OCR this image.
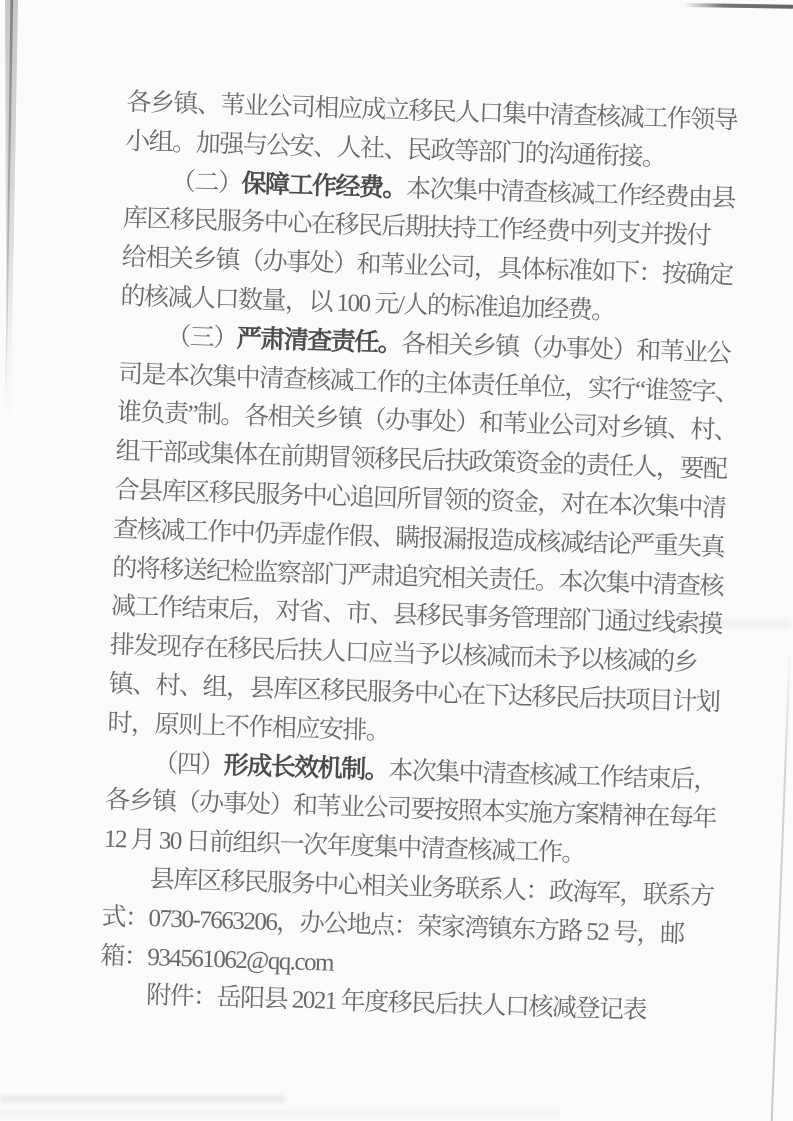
各乡镇、苇业公司相应成立移民人口集中清查核减工作领导
小组。加强与公安、人社、民政等部门的沟通衔接。
（二）保障工作经费。本次集中清查核减工作经费由县
库区移民服务中心在移民后期扶持工作经费中列支并拨付
给相关乡镇（办事处）和苇业公司，具体标准如下：按确定
的核减人口数量，以 100 元/人的标准追加经费。
（三）严肃清查责任。各相关乡镇（办事处）和苇业公
司是本次集中清查核减工作的主体责任单位，实行“谁签字、
谁负责”制。各相关乡镇（办事处）和苇业公司对乡镇、村、
组干部或集体在前期冒领移民后扶政策资金的责任人，要配
合县库区移民服务中心追回所冒领的资金，对在本次集中清
查核减工作中仍弄虚作假、瞒报漏报造成核减结论严重失真
的将移送纪检监察部门严肃追究相关责任。本次集中清查核
减工作结束后，对省、市、县移民事务管理部门通过线索摸
排发现存在移民后扶人口应当予以核减而未予以核减的乡
镇、村、组，县库区移民服务中心在下达移民后扶项目计划
时，原则上不作相应安排。
（四）形成长效机制。本次集中清查核减工作结束后，
各乡镇（办事处）和苇业公司要按照本实施方案精神在每年
12 月 30 日前组织一次年度集中清查核减工作。
县库区移民服务中心相关业务联系人：政海军，联系方
式：0730-7663206，办公地点：荣家湾镇东方路 52 号，邮
箱：934561062@qq.com
附件：岳阳县 2021 年度移民后扶人口核减登记表
